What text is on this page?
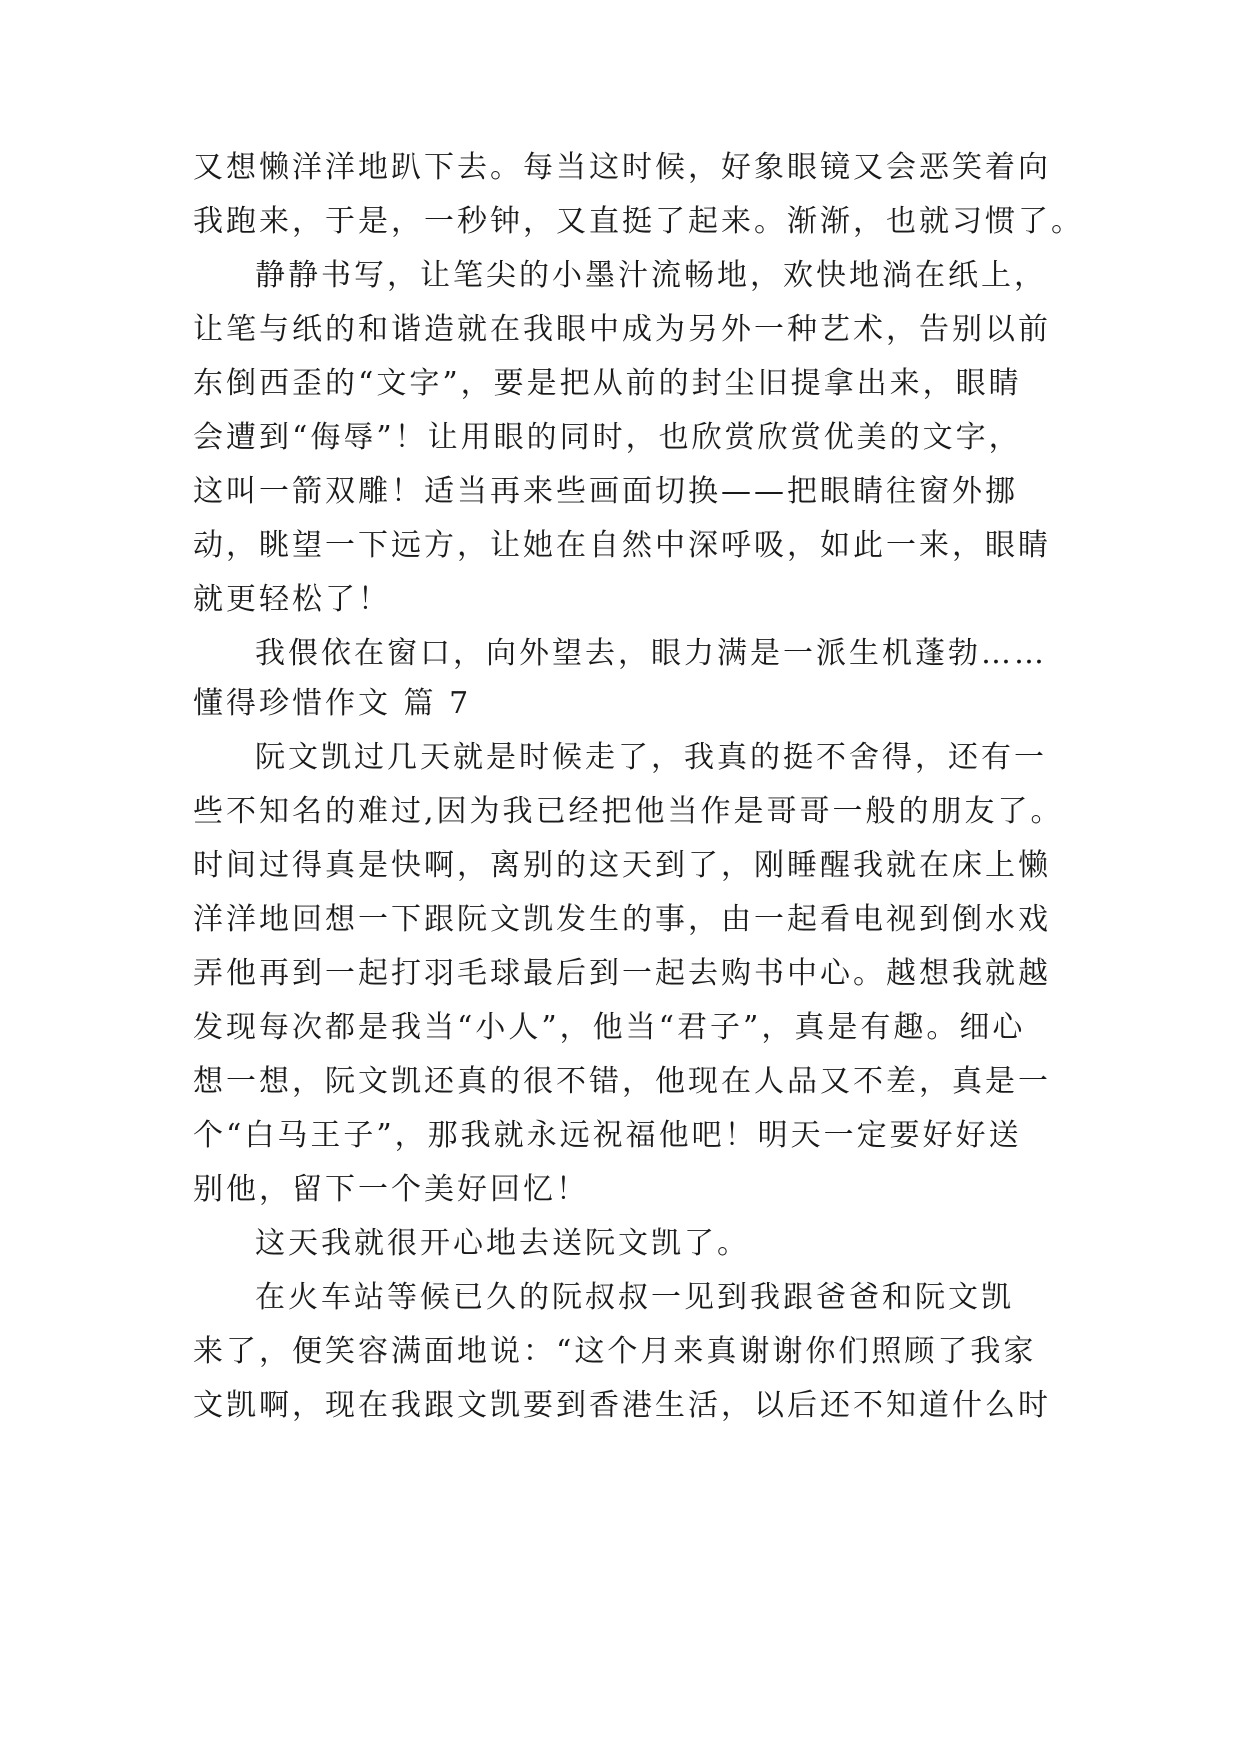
又想懒洋洋地趴下去。每当这时候，好象眼镜又会恶笑着向
我跑来，于是，一秒钟，又直挺了起来。渐渐，也就习惯了。
静静书写，让笔尖的小墨汁流畅地，欢快地淌在纸上，
让笔与纸的和谐造就在我眼中成为另外一种艺术，告别以前
东倒西歪的“文字”，要是把从前的封尘旧提拿出来，眼睛
会遭到“侮辱”！让用眼的同时，也欣赏欣赏优美的文字，
这叫一箭双雕！适当再来些画面切换——把眼睛往窗外挪
动，眺望一下远方，让她在自然中深呼吸，如此一来，眼睛
就更轻松了！
我偎依在窗口，向外望去，眼力满是一派生机蓬勃……
懂得珍惜作文 篇 7
阮文凯过几天就是时候走了，我真的挺不舍得，还有一
些不知名的难过,因为我已经把他当作是哥哥一般的朋友了。
时间过得真是快啊，离别的这天到了，刚睡醒我就在床上懒
洋洋地回想一下跟阮文凯发生的事，由一起看电视到倒水戏
弄他再到一起打羽毛球最后到一起去购书中心。越想我就越
发现每次都是我当“小人”，他当“君子”，真是有趣。细心
想一想，阮文凯还真的很不错，他现在人品又不差，真是一
个“白马王子”，那我就永远祝福他吧！明天一定要好好送
别他，留下一个美好回忆！
这天我就很开心地去送阮文凯了。
在火车站等候已久的阮叔叔一见到我跟爸爸和阮文凯
来了，便笑容满面地说：“这个月来真谢谢你们照顾了我家
文凯啊，现在我跟文凯要到香港生活，以后还不知道什么时
